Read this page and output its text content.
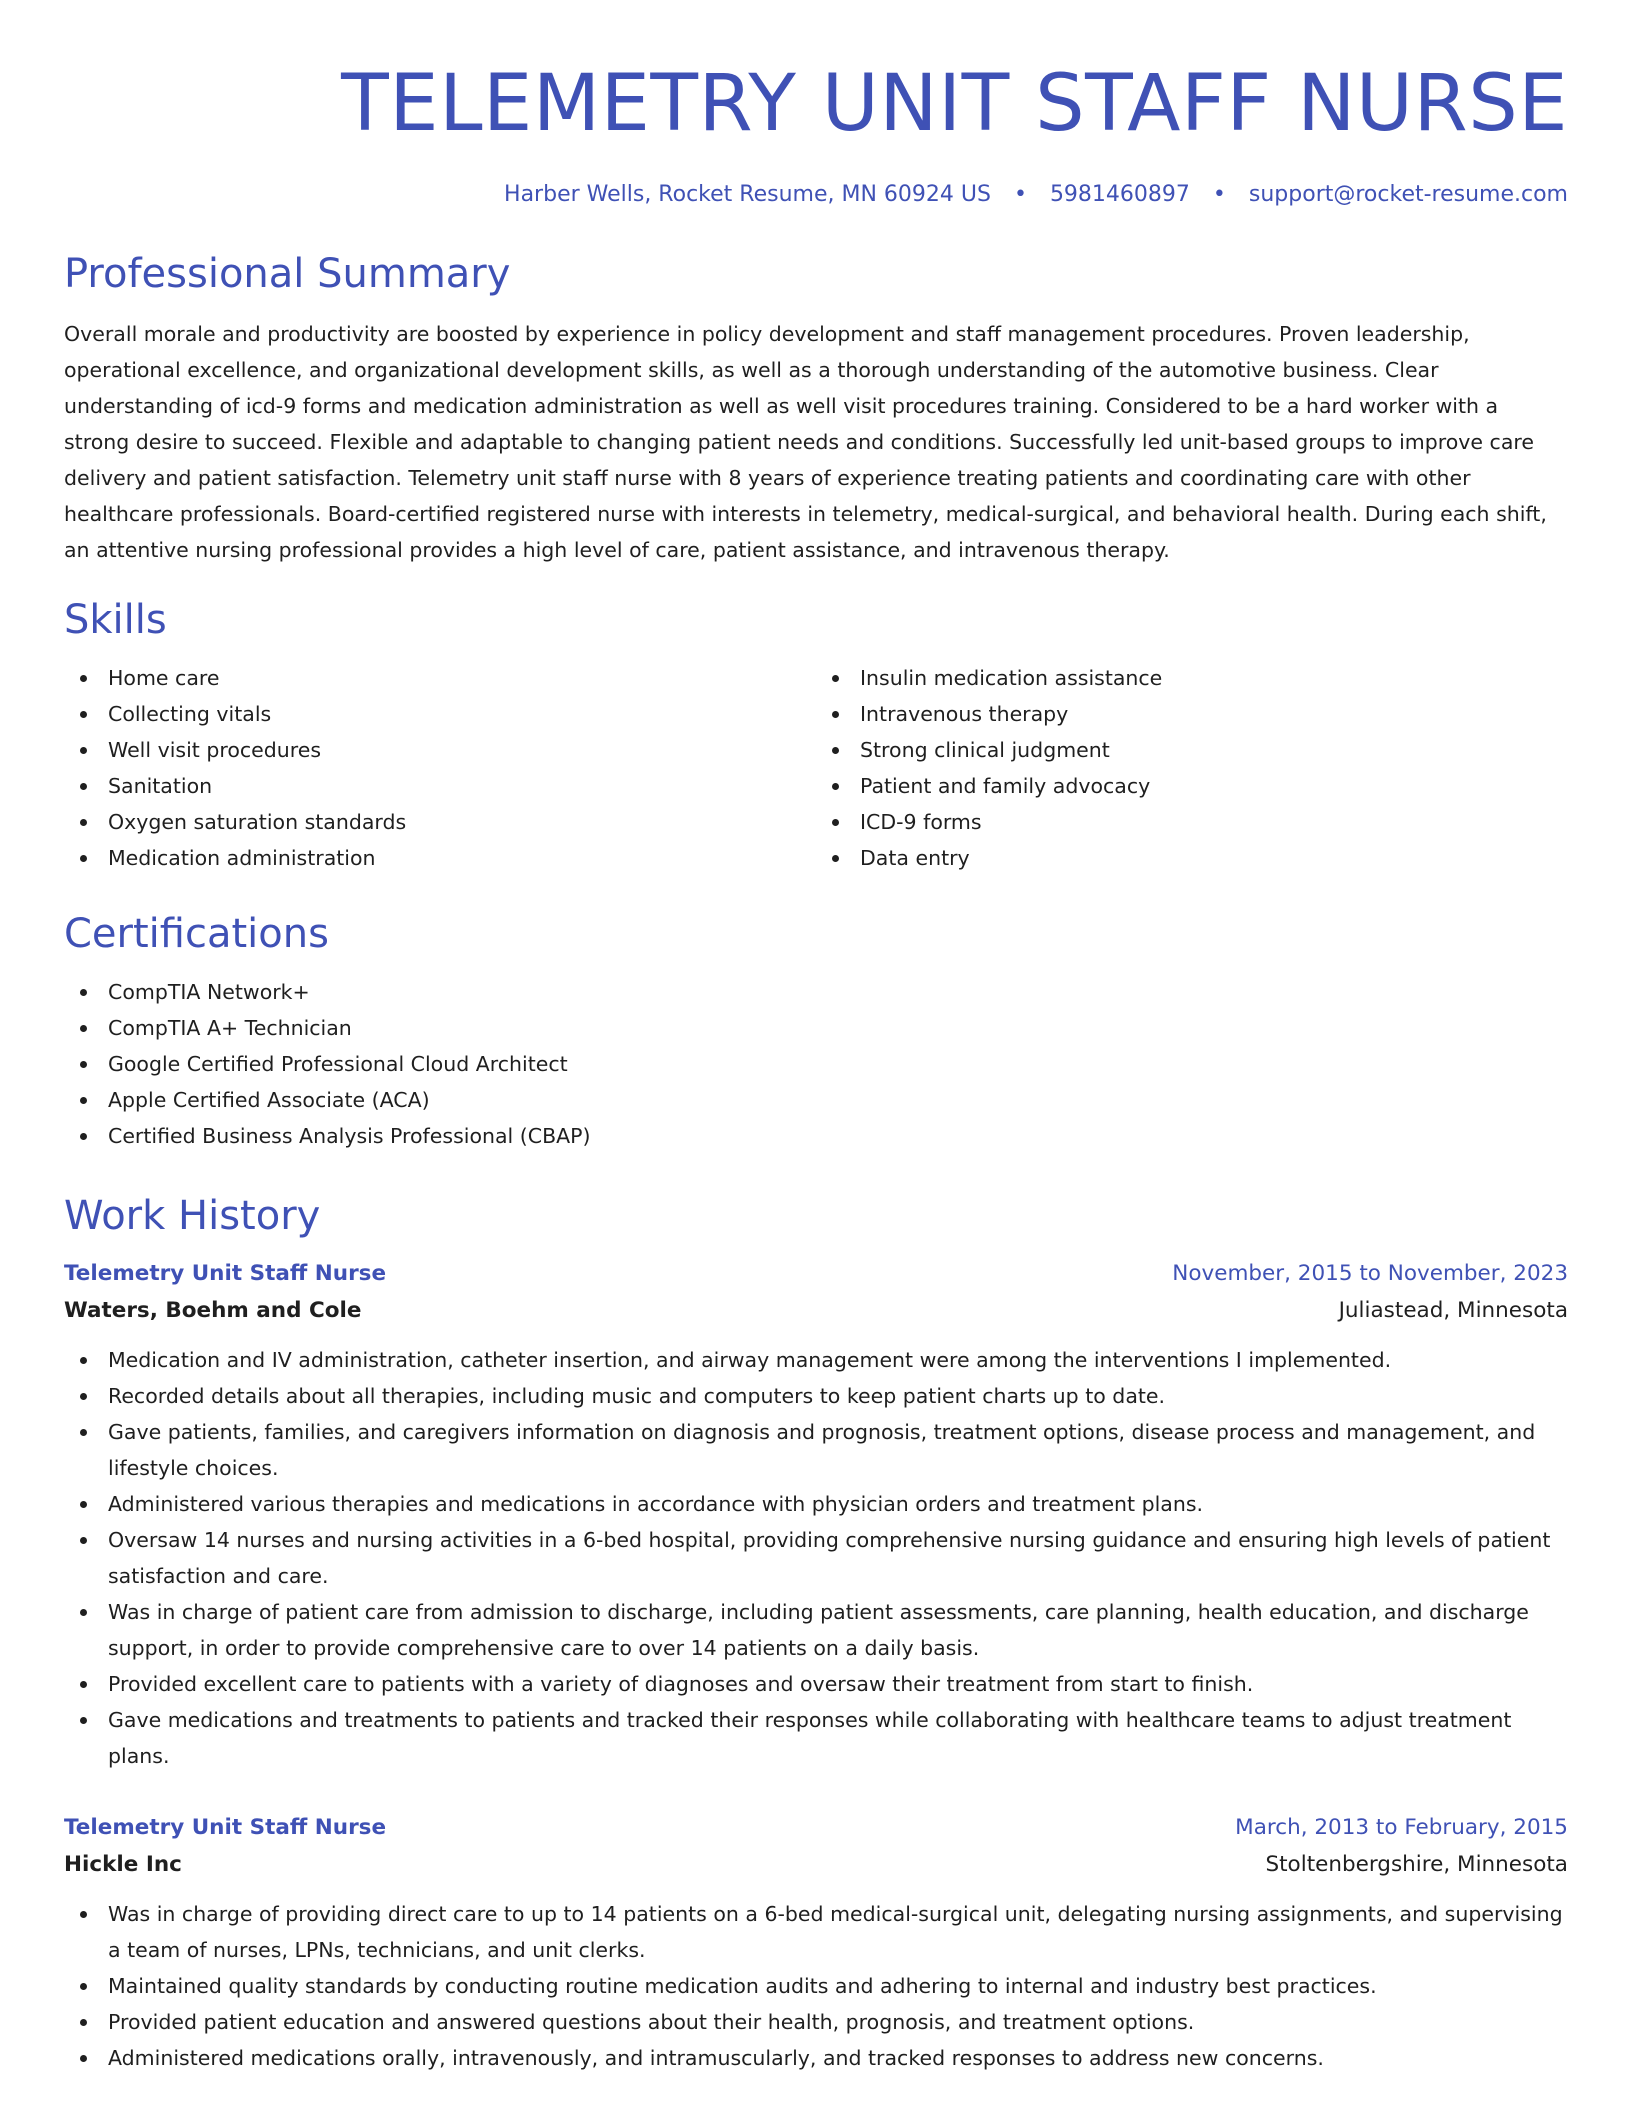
TELEMETRY UNIT STAFF NURSE
Harber Wells, Rocket Resume, MN 60924 US • 5981460897 • support@rocket-resume.com
Professional Summary

Overall morale and productivity are boosted by experience in policy development and staff management procedures. Proven leadership, operational excellence, and organizational development skills, as well as a thorough understanding of the automotive business. Clear understanding of icd-9 forms and medication administration as well as well visit procedures training. Considered to be a hard worker with a strong desire to succeed. Flexible and adaptable to changing patient needs and conditions. Successfully led unit-based groups to improve care delivery and patient satisfaction. Telemetry unit staff nurse with 8 years of experience treating patients and coordinating care with other healthcare professionals. Board-certified registered nurse with interests in telemetry, medical-surgical, and behavioral health. During each shift, an attentive nursing professional provides a high level of care, patient assistance, and intravenous therapy.

Skills
Home care
Collecting vitals
Well visit procedures
Sanitation
Oxygen saturation standards
Medication administration
Insulin medication assistance
Intravenous therapy
Strong clinical judgment
Patient and family advocacy
ICD-9 forms
Data entry
Certifications
CompTIA Network+
CompTIA A+ Technician
Google Certified Professional Cloud Architect
Apple Certified Associate (ACA)
Certified Business Analysis Professional (CBAP)
Work History
Telemetry Unit Staff Nurse	November, 2015 to November, 2023
Waters, Boehm and Cole	Juliastead, Minnesota
Medication and IV administration, catheter insertion, and airway management were among the interventions I implemented.
Recorded details about all therapies, including music and computers to keep patient charts up to date.
Gave patients, families, and caregivers information on diagnosis and prognosis, treatment options, disease process and management, and lifestyle choices.
Administered various therapies and medications in accordance with physician orders and treatment plans.
Oversaw 14 nurses and nursing activities in a 6-bed hospital, providing comprehensive nursing guidance and ensuring high levels of patient satisfaction and care.
Was in charge of patient care from admission to discharge, including patient assessments, care planning, health education, and discharge support, in order to provide comprehensive care to over 14 patients on a daily basis.
Provided excellent care to patients with a variety of diagnoses and oversaw their treatment from start to finish.
Gave medications and treatments to patients and tracked their responses while collaborating with healthcare teams to adjust treatment plans.
Telemetry Unit Staff Nurse	March, 2013 to February, 2015
Hickle Inc	Stoltenbergshire, Minnesota
Was in charge of providing direct care to up to 14 patients on a 6-bed medical-surgical unit, delegating nursing assignments, and supervising a team of nurses, LPNs, technicians, and unit clerks.
Maintained quality standards by conducting routine medication audits and adhering to internal and industry best practices.
Provided patient education and answered questions about their health, prognosis, and treatment options.
Administered medications orally, intravenously, and intramuscularly, and tracked responses to address new concerns.
